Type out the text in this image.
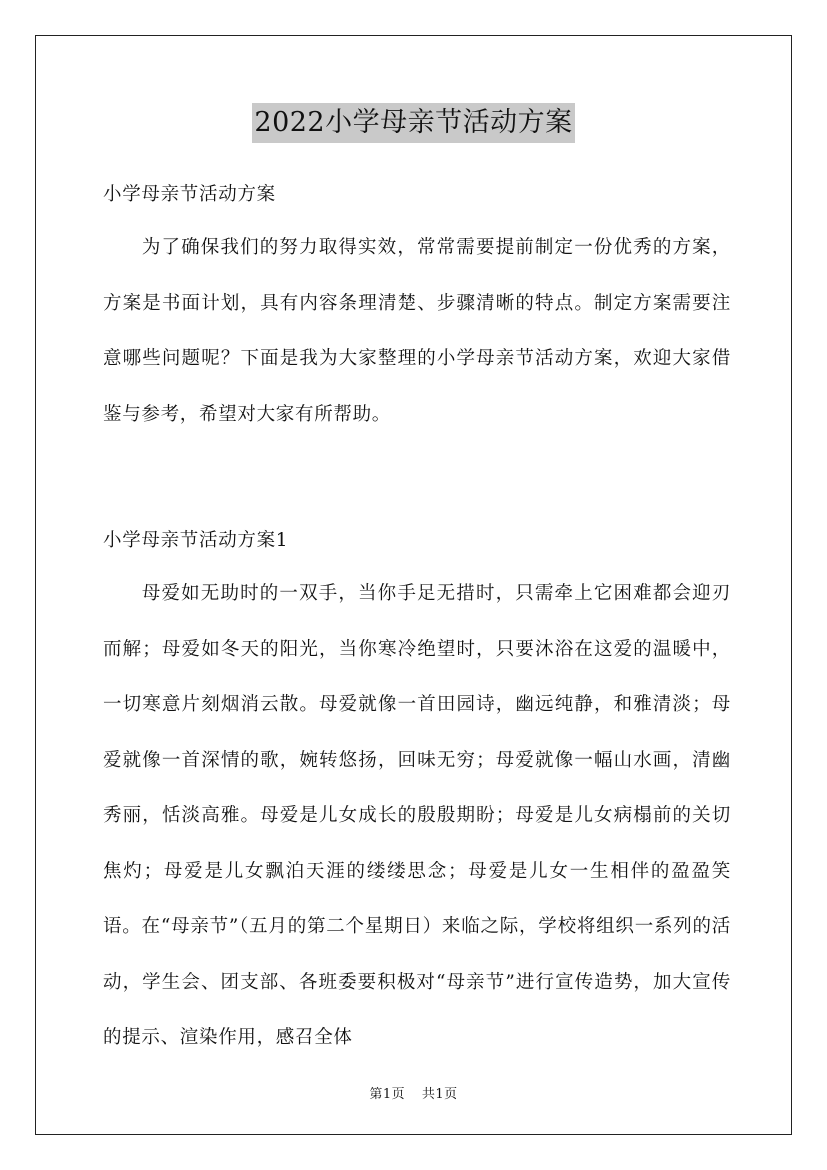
2022小学母亲节活动方案

小学母亲节活动方案

为了确保我们的努力取得实效，常常需要提前制定一份优秀的方案，方案是书面计划，具有内容条理清楚、步骤清晰的特点。制定方案需要注意哪些问题呢？下面是我为大家整理的小学母亲节活动方案，欢迎大家借鉴与参考，希望对大家有所帮助。

小学母亲节活动方案1

母爱如无助时的一双手，当你手足无措时，只需牵上它困难都会迎刃而解；母爱如冬天的阳光，当你寒冷绝望时，只要沐浴在这爱的温暖中，一切寒意片刻烟消云散。母爱就像一首田园诗，幽远纯静，和雅清淡；母爱就像一首深情的歌，婉转悠扬，回味无穷；母爱就像一幅山水画，清幽秀丽，恬淡高雅。母爱是儿女成长的殷殷期盼；母爱是儿女病榻前的关切焦灼；母爱是儿女飘泊天涯的缕缕思念；母爱是儿女一生相伴的盈盈笑语。在“母亲节”（五月的第二个星期日）来临之际，学校将组织一系列的活动，学生会、团支部、各班委要积极对“母亲节”进行宣传造势，加大宣传的提示、渲染作用，感召全体

第1页 共1页
